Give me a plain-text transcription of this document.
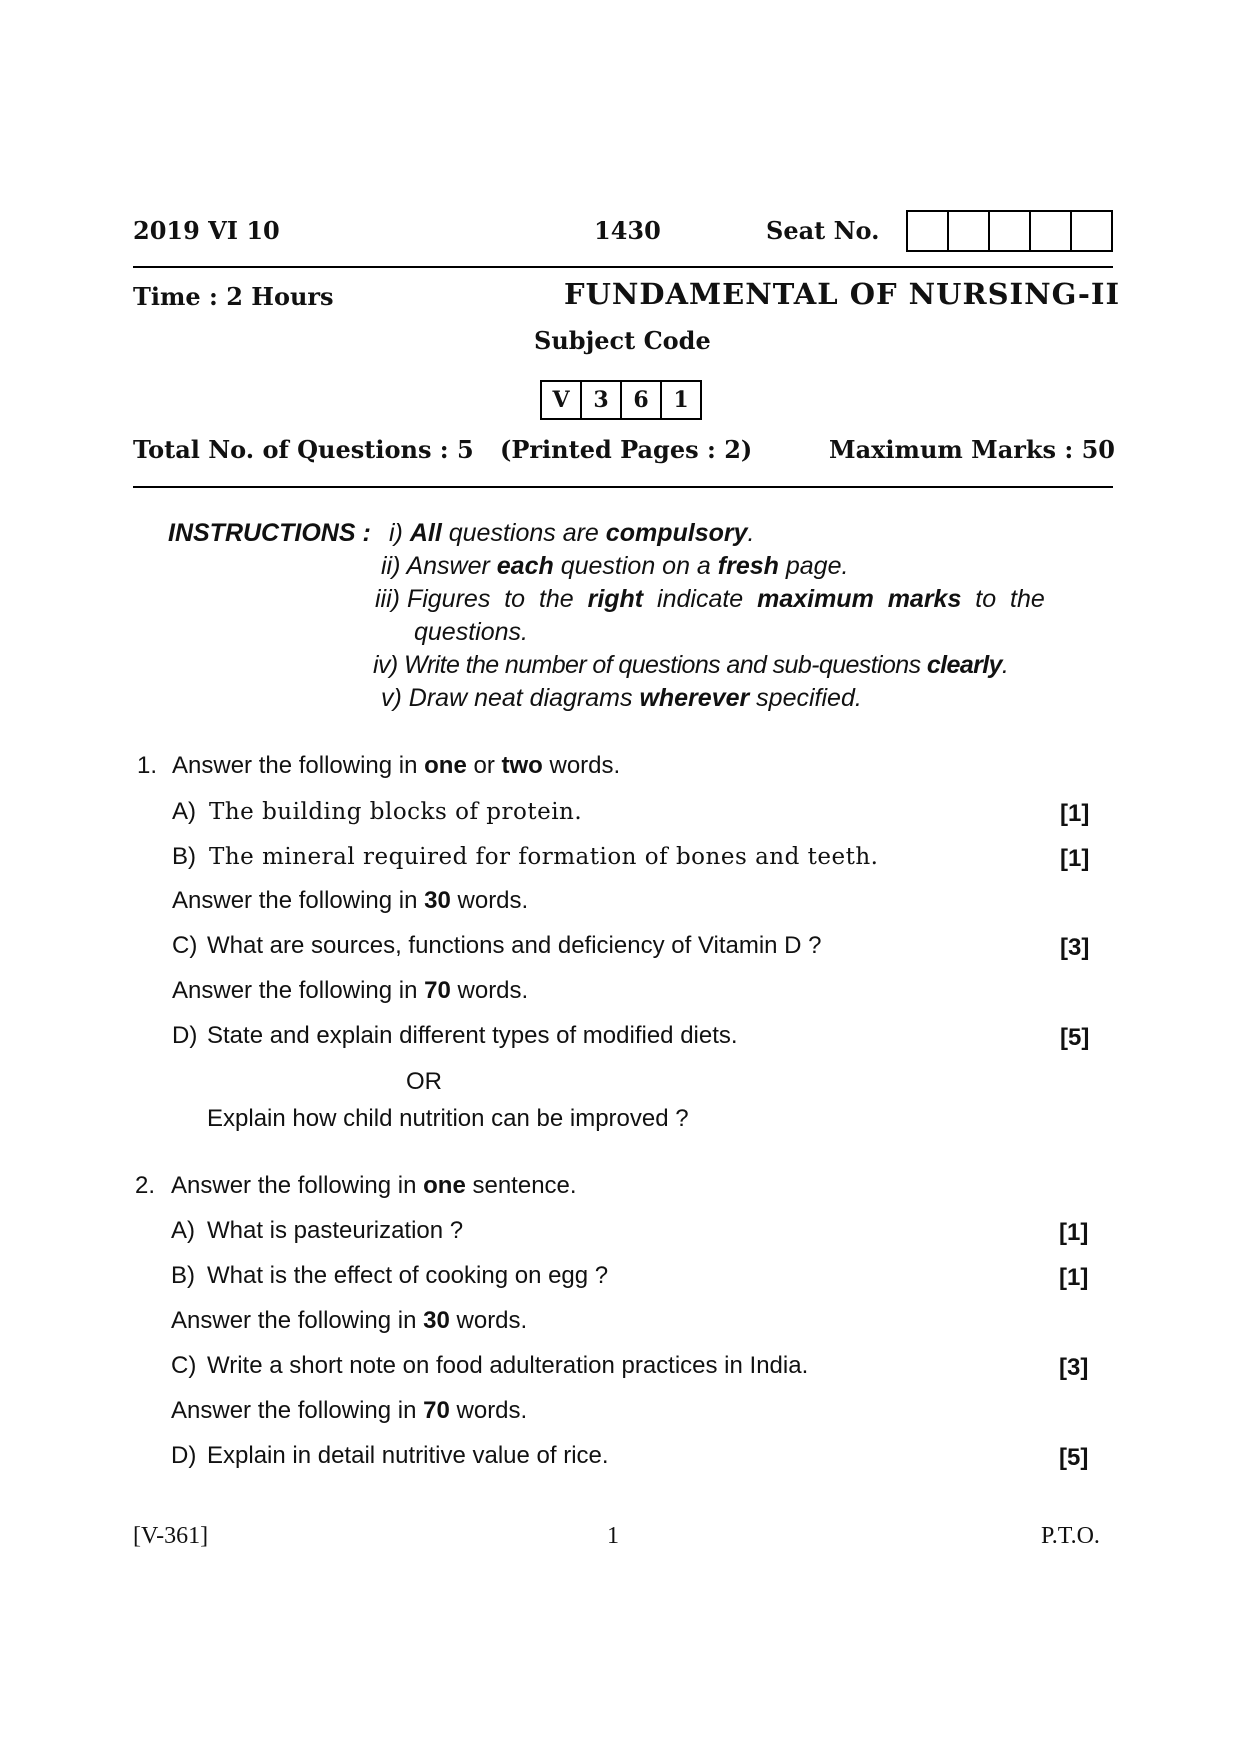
2019 VI 10	1430	Seat No.
Time : 2 Hours	FUNDAMENTAL OF NURSING-II
Subject Code
V	3	6	1
Total No. of Questions : 5 (Printed Pages : 2)	Maximum Marks : 50
INSTRUCTIONS : i) All questions are compulsory.
ii) Answer each question on a fresh page.
iii) Figures  to  the  right  indicate  maximum  marks  to  the
questions.
iv) Write the number of questions and sub-questions clearly.
v) Draw neat diagrams wherever specified.
1. Answer the following in one or two words.
A) The building blocks of protein.	[1]
B) The mineral required for formation of bones and teeth.	[1]
Answer the following in 30 words.
C) What are sources, functions and deficiency of Vitamin D ?	[3]
Answer the following in 70 words.
D) State and explain different types of modified diets.	[5]
OR
Explain how child nutrition can be improved ?
2. Answer the following in one sentence.
A) What is pasteurization ?	[1]
B) What is the effect of cooking on egg ?	[1]
Answer the following in 30 words.
C) Write a short note on food adulteration practices in India.	[3]
Answer the following in 70 words.
D) Explain in detail nutritive value of rice.	[5]
[V-361]	1	P.T.O.
